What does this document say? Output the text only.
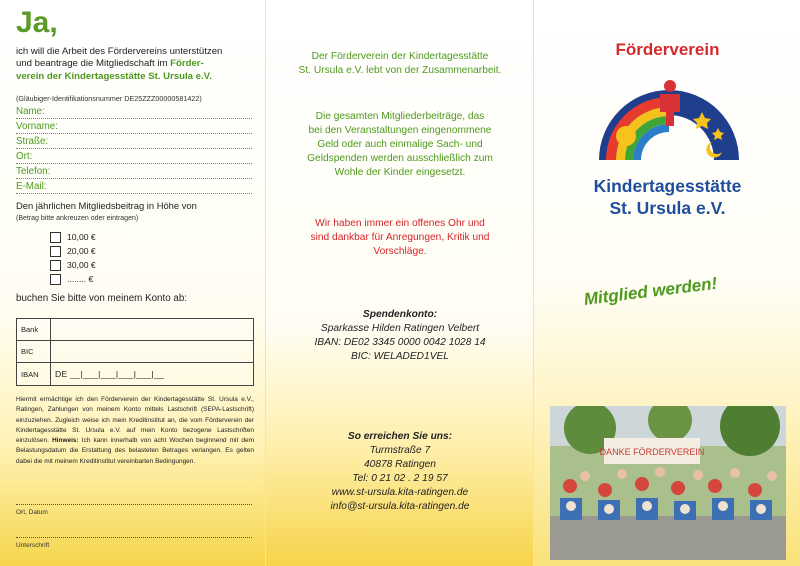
Ja,
ich will die Arbeit des Fördervereins unterstützen
und beantrage die Mitgliedschaft im Förder-
verein der Kindertagesstätte St. Ursula e.V.
(Gläubiger-Identifikationsnummer DE25ZZZ00000581422)
Name:
Vorname:
Straße:
Ort:
Telefon:
E-Mail:
Den jährlichen Mitgliedsbeitrag in Höhe von
(Betrag bitte ankreuzen oder eintragen)
10,00 €
20,00 €
30,00 €
........ €
buchen Sie bitte von meinem Konto ab:
Bank
BIC
IBAN	DE __|___|___|___|___|__
Hiermit ermächtige ich den Förderverein der Kindertagesstätte St. Ursula e.V., Ratingen, Zahlungen von meinem Konto mittels Lastschrift (SEPA-Lastschrift) einzuziehen. Zugleich weise ich mein Kreditinstitut an, die vom Förderverein der Kindertagesstätte St. Ursula e.V. auf mein Konto bezogene Lastschriften einzulösen. Hinweis: Ich kann innerhalb von acht Wochen beginnend mit dem Belastungsdatum die Erstattung des belasteten Betrages verlangen. Es gelten dabei die mit meinem Kreditinstitut vereinbarten Bedingungen.
Ort, Datum
Unterschrift
Der Förderverein der Kindertagesstätte
St. Ursula e.V. lebt von der Zusammenarbeit.
Die gesamten Mitgliederbeiträge, das
bei den Veranstaltungen eingenommene
Geld oder auch einmalige Sach- und
Geldspenden werden ausschließlich zum
Wohle der Kinder eingesetzt.
Wir haben immer ein offenes Ohr und
sind dankbar für Anregungen, Kritik und
Vorschläge.
Spendenkonto:
Sparkasse Hilden Ratingen Velbert
IBAN: DE02 3345 0000 0042 1028 14
BIC: WELADED1VEL
So erreichen Sie uns:
Turmstraße 7
40878 Ratingen
Tel: 0 21 02 . 2 19 57
www.st-ursula.kita-ratingen.de
info@st-ursula.kita-ratingen.de
Förderverein
Kindertagesstätte
St. Ursula e.V.
Mitglied werden!
DANKE FÖRDERVEREIN
